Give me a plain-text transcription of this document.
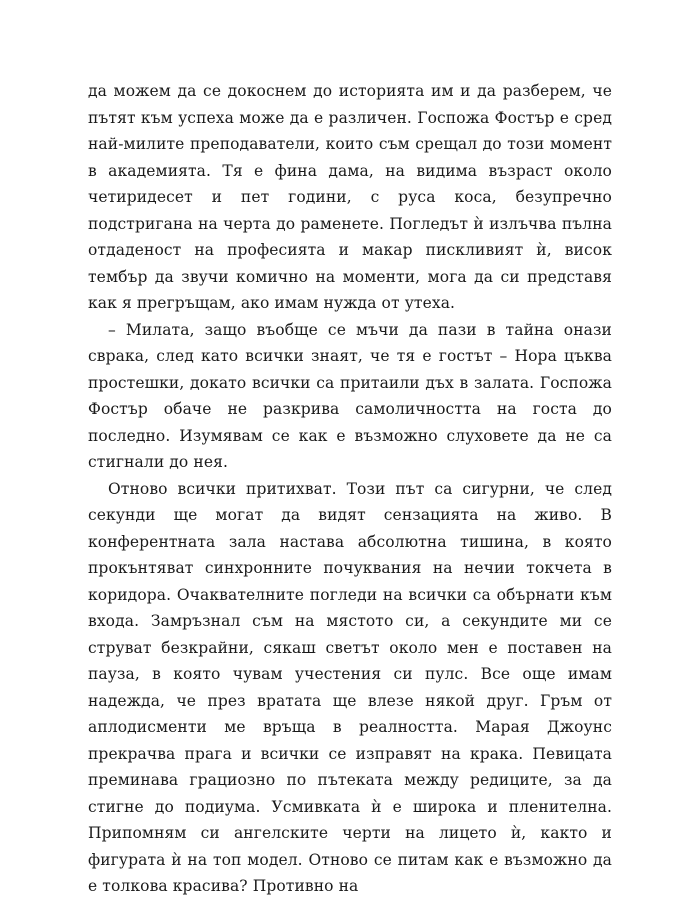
да можем да се докоснем до историята им и да разберем, че пътят към успеха може да е различен. Госпожа Фостър е сред най-милите преподаватели, които съм срещал до този момент в академията. Тя е фина дама, на видима възраст около четиридесет и пет години, с руса коса, безупречно подстригана на черта до раменете. Погледът ѝ излъчва пълна отдаденост на професията и макар пискливият ѝ, висок тембър да звучи комично на моменти, мога да си представя как я прегръщам, ако имам нужда от утеха.

– Милата, защо въобще се мъчи да пази в тайна онази сврака, след като всички знаят, че тя е гостът – Нора цъква простешки, докато всички са притаили дъх в залата. Госпожа Фостър обаче не разкрива самоличността на госта до последно. Изумявам се как е възможно слуховете да не са стигнали до нея.

Отново всички притихват. Този път са сигурни, че след секунди ще могат да видят сензацията на живо. В конферентната зала настава абсолютна тишина, в която прокънтяват синхронните почуквания на нечии токчета в коридора. Очаквателните погледи на всички са обърнати към входа. Замръзнал съм на мястото си, а секундите ми се струват безкрайни, сякаш светът около мен е поставен на пауза, в която чувам учестения си пулс. Все още имам надежда, че през вратата ще влезе някой друг. Гръм от аплодисменти ме връща в реалността. Марая Джоунс прекрачва прага и всички се изправят на крака. Певицата преминава грациозно по пътеката между редиците, за да стигне до подиума. Усмивката ѝ е широка и пленителна. Припомням си ангелските черти на лицето ѝ, както и фигурата ѝ на топ модел. Отново се питам как е възможно да е толкова красива? Противно на
